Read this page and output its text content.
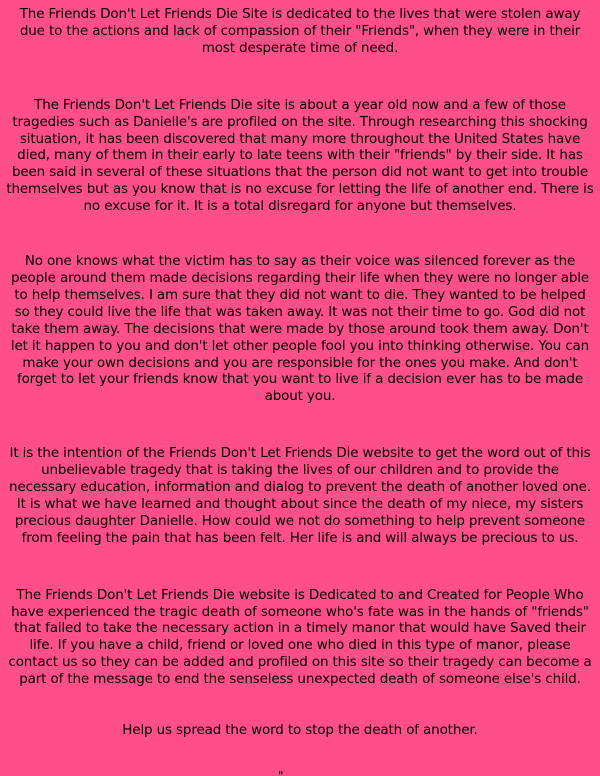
The Friends Don't Let Friends Die Site is dedicated to the lives that were stolen away due to the actions and lack of compassion of their "Friends", when they were in their most desperate time of need.

The Friends Don't Let Friends Die site is about a year old now and a few of those tragedies such as Danielle's are profiled on the site. Through researching this shocking situation, it has been discovered that many more throughout the United States have died, many of them in their early to late teens with their "friends" by their side. It has been said in several of these situations that the person did not want to get into trouble themselves but as you know that is no excuse for letting the life of another end. There is no excuse for it. It is a total disregard for anyone but themselves.

No one knows what the victim has to say as their voice was silenced forever as the people around them made decisions regarding their life when they were no longer able to help themselves. I am sure that they did not want to die. They wanted to be helped so they could live the life that was taken away. It was not their time to go. God did not take them away. The decisions that were made by those around took them away. Don't let it happen to you and don't let other people fool you into thinking otherwise. You can make your own decisions and you are responsible for the ones you make. And don't forget to let your friends know that you want to live if a decision ever has to be made about you.

It is the intention of the Friends Don't Let Friends Die website to get the word out of this unbelievable tragedy that is taking the lives of our children and to provide the necessary education, information and dialog to prevent the death of another loved one. It is what we have learned and thought about since the death of my niece, my sisters precious daughter Danielle. How could we not do something to help prevent someone from feeling the pain that has been felt. Her life is and will always be precious to us.

The Friends Don't Let Friends Die website is Dedicated to and Created for People Who have experienced the tragic death of someone who's fate was in the hands of "friends" that failed to take the necessary action in a timely manor that would have Saved their life. If you have a child, friend or loved one who died in this type of manor, please contact us so they can be added and profiled on this site so their tragedy can become a part of the message to end the senseless unexpected death of someone else's child.

Help us spread the word to stop the death of another.

"
